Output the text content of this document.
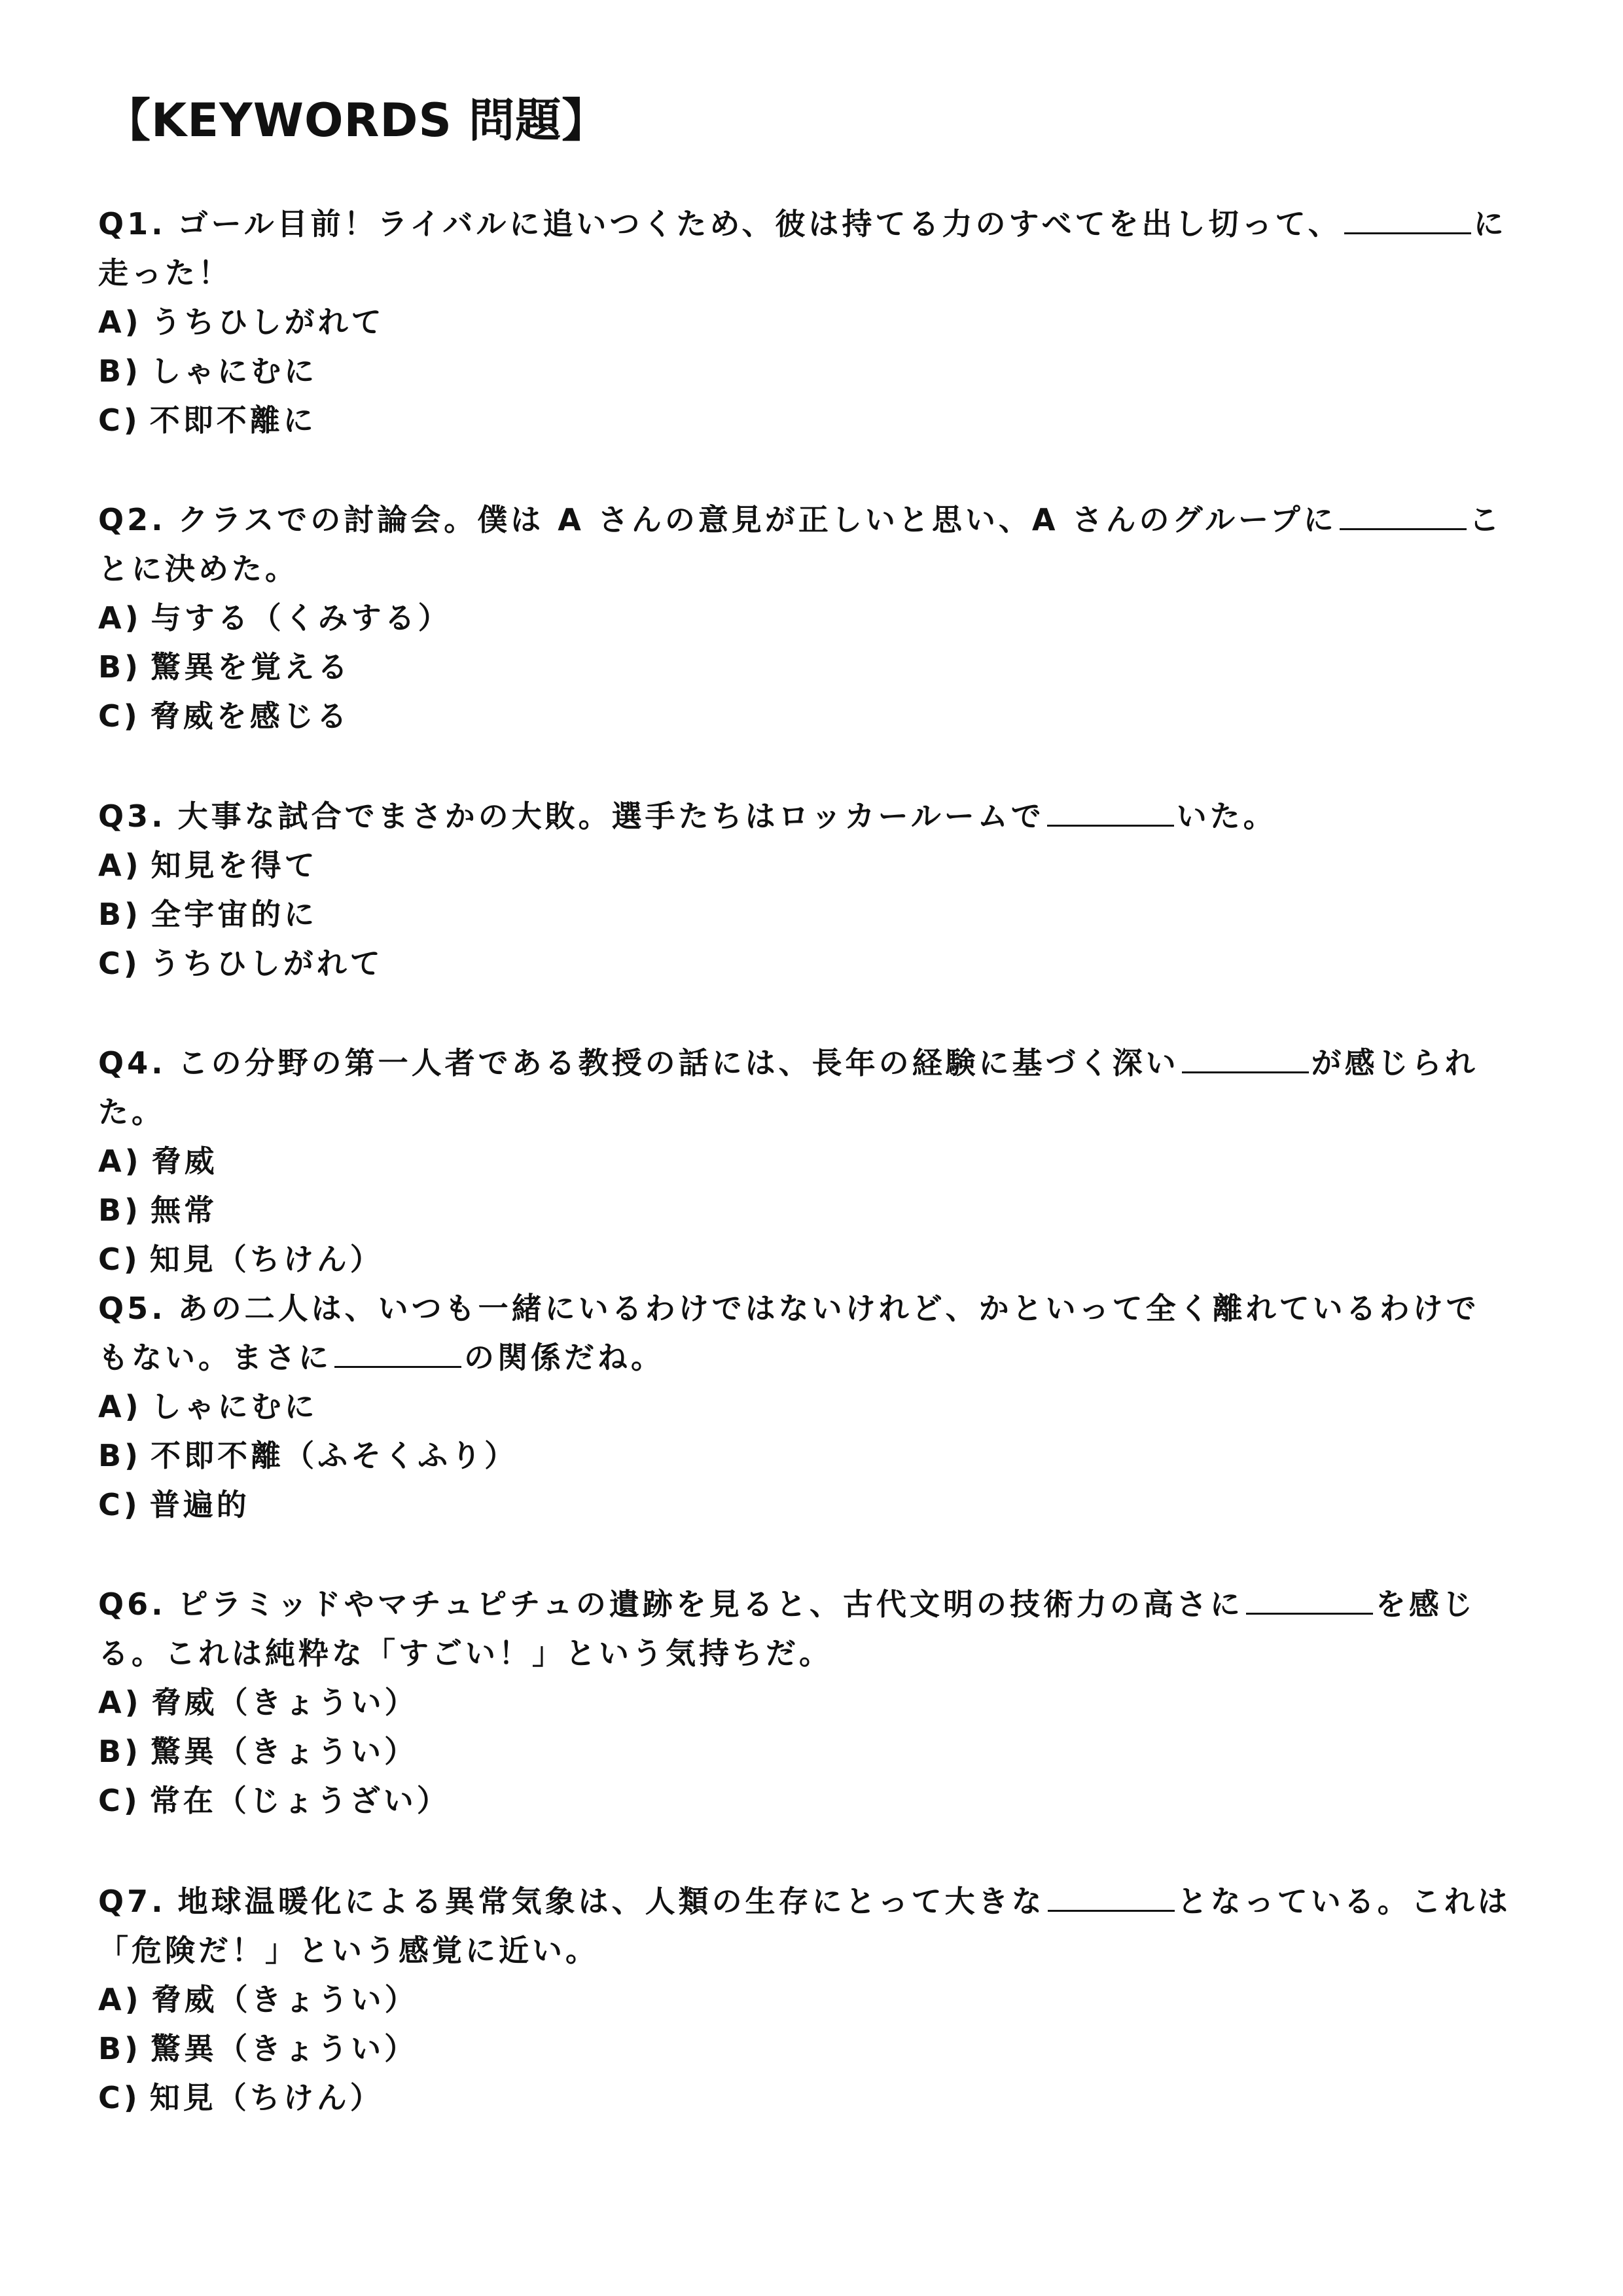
【KEYWORDS 問題】

Q1. ゴール目前！ライバルに追いつくため、彼は持てる力のすべてを出し切って、	に走った！

A) うちひしがれて

B) しゃにむに

C) 不即不離に

Q2. クラスでの討論会。僕は A さんの意見が正しいと思い、A さんのグループに	ことに決めた。

A) 与する（くみする）

B) 驚異を覚える

C) 脅威を感じる

Q3. 大事な試合でまさかの大敗。選手たちはロッカールームで	いた。

A) 知見を得て

B) 全宇宙的に

C) うちひしがれて

Q4. この分野の第一人者である教授の話には、長年の経験に基づく深い	が感じられた。

A) 脅威

B) 無常

C) 知見（ちけん）

Q5. あの二人は、いつも一緒にいるわけではないけれど、かといって全く離れているわけでもない。まさに	の関係だね。

A) しゃにむに

B) 不即不離（ふそくふり）

C) 普遍的

Q6. ピラミッドやマチュピチュの遺跡を見ると、古代文明の技術力の高さに	を感じる。これは純粋な「すごい！」という気持ちだ。

A) 脅威（きょうい）

B) 驚異（きょうい）

C) 常在（じょうざい）

Q7. 地球温暖化による異常気象は、人類の生存にとって大きな	となっている。これは「危険だ！」という感覚に近い。

A) 脅威（きょうい）

B) 驚異（きょうい）

C) 知見（ちけん）
